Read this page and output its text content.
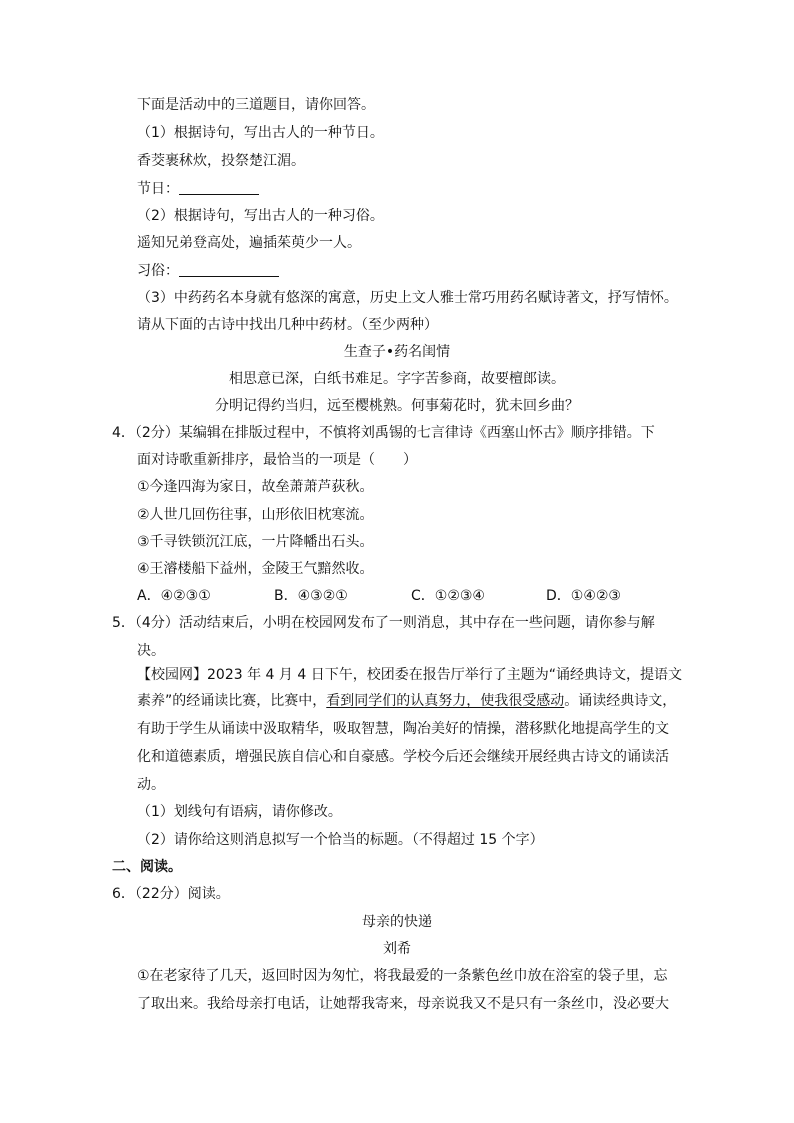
下面是活动中的三道题目，请你回答。
（1）根据诗句，写出古人的一种节日。
香茭裹秫炊，投祭楚江湄。
节日：
（2）根据诗句，写出古人的一种习俗。
遥知兄弟登高处，遍插茱萸少一人。
习俗：
（3）中药药名本身就有悠深的寓意，历史上文人雅士常巧用药名赋诗著文，抒写情怀。
请从下面的古诗中找出几种中药材。（至少两种）
生查子•药名闺情
相思意已深，白纸书难足。字字苦参商，故要檀郎读。
分明记得约当归，远至樱桃熟。何事菊花时，犹未回乡曲？
4．（2分）某编辑在排版过程中，不慎将刘禹锡的七言律诗《西塞山怀古》顺序排错。下
面对诗歌重新排序，最恰当的一项是（　　）
①今逢四海为家日，故垒萧萧芦荻秋。
②人世几回伤往事，山形依旧枕寒流。
③千寻铁锁沉江底，一片降幡出石头。
④王濬楼船下益州，金陵王气黯然收。
A．④②③①	B．④③②①	C．①②③④	D．①④②③
5．（4分）活动结束后，小明在校园网发布了一则消息，其中存在一些问题，请你参与解
决。
【校园网】2023 年 4 月 4 日下午，校团委在报告厅举行了主题为“诵经典诗文，提语文
素养”的经诵读比赛，比赛中，看到同学们的认真努力，使我很受感动。诵读经典诗文，
有助于学生从诵读中汲取精华，吸取智慧，陶冶美好的情操，潜移默化地提高学生的文
化和道德素质，增强民族自信心和自豪感。学校今后还会继续开展经典古诗文的诵读活
动。
（1）划线句有语病，请你修改。
（2）请你给这则消息拟写一个恰当的标题。（不得超过 15 个字）
二、阅读。
6．（22分）阅读。
母亲的快递
刘希
①在老家待了几天，返回时因为匆忙，将我最爱的一条紫色丝巾放在浴室的袋子里，忘
了取出来。我给母亲打电话，让她帮我寄来，母亲说我又不是只有一条丝巾，没必要大
